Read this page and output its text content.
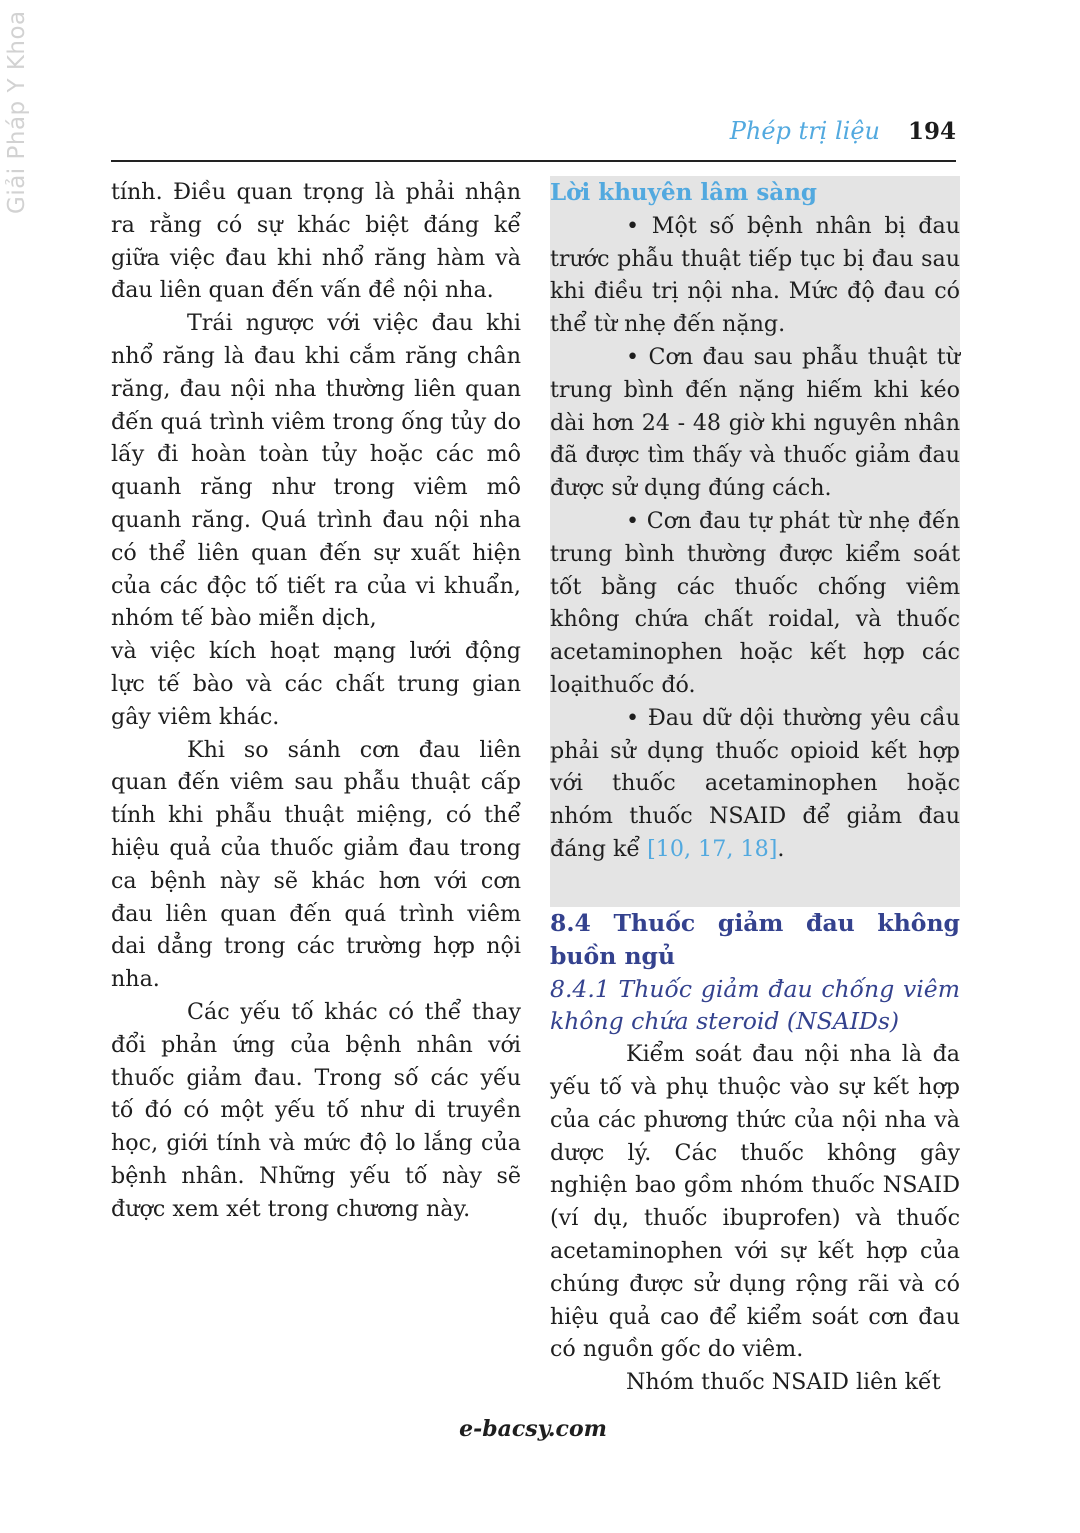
Giải Pháp Y Khoa	Phép trị liệu 194

tính. Điều quan trọng là phải nhận ra rằng có sự khác biệt đáng kể giữa việc đau khi nhổ răng hàm và đau liên quan đến vấn đề nội nha.

Trái ngược với việc đau khi nhổ răng là đau khi cắm răng chân răng, đau nội nha thường liên quan đến quá trình viêm trong ống tủy do lấy đi hoàn toàn tủy hoặc các mô quanh răng như trong viêm mô quanh răng. Quá trình đau nội nha có thể liên quan đến sự xuất hiện của các độc tố tiết ra của vi khuẩn, nhóm tế bào miễn dịch,

và việc kích hoạt mạng lưới động lực tế bào và các chất trung gian gây viêm khác.

Khi so sánh cơn đau liên quan đến viêm sau phẫu thuật cấp tính khi phẫu thuật miệng, có thể hiệu quả của thuốc giảm đau trong ca bệnh này sẽ khác hơn với cơn đau liên quan đến quá trình viêm dai dẳng trong các trường hợp nội nha.

Các yếu tố khác có thể thay đổi phản ứng của bệnh nhân với thuốc giảm đau. Trong số các yếu tố đó có một yếu tố như di truyền học, giới tính và mức độ lo lắng của bệnh nhân. Những yếu tố này sẽ được xem xét trong chương này.

Lời khuyên lâm sàng

• Một số bệnh nhân bị đau trước phẫu thuật tiếp tục bị đau sau khi điều trị nội nha. Mức độ đau có thể từ nhẹ đến nặng.

• Cơn đau sau phẫu thuật từ trung bình đến nặng hiếm khi kéo dài hơn 24 - 48 giờ khi nguyên nhân đã được tìm thấy và thuốc giảm đau được sử dụng đúng cách.

• Cơn đau tự phát từ nhẹ đến trung bình thường được kiểm soát tốt bằng các thuốc chống viêm không chứa chất roidal, và thuốc acetaminophen hoặc kết hợp các loạithuốc đó.

• Đau dữ dội thường yêu cầu phải sử dụng thuốc opioid kết hợp với thuốc acetaminophen hoặc nhóm thuốc NSAID để giảm đau đáng kể [10, 17, 18].

8.4 Thuốc giảm đau không buồn ngủ

8.4.1 Thuốc giảm đau chống viêm không chứa steroid (NSAIDs)

Kiểm soát đau nội nha là đa yếu tố và phụ thuộc vào sự kết hợp của các phương thức của nội nha và dược lý. Các thuốc không gây nghiện bao gồm nhóm thuốc NSAID (ví dụ, thuốc ibuprofen) và thuốc acetaminophen với sự kết hợp của chúng được sử dụng rộng rãi và có hiệu quả cao để kiểm soát cơn đau có nguồn gốc do viêm.

Nhóm thuốc NSAID liên kết

e-bacsy.com
